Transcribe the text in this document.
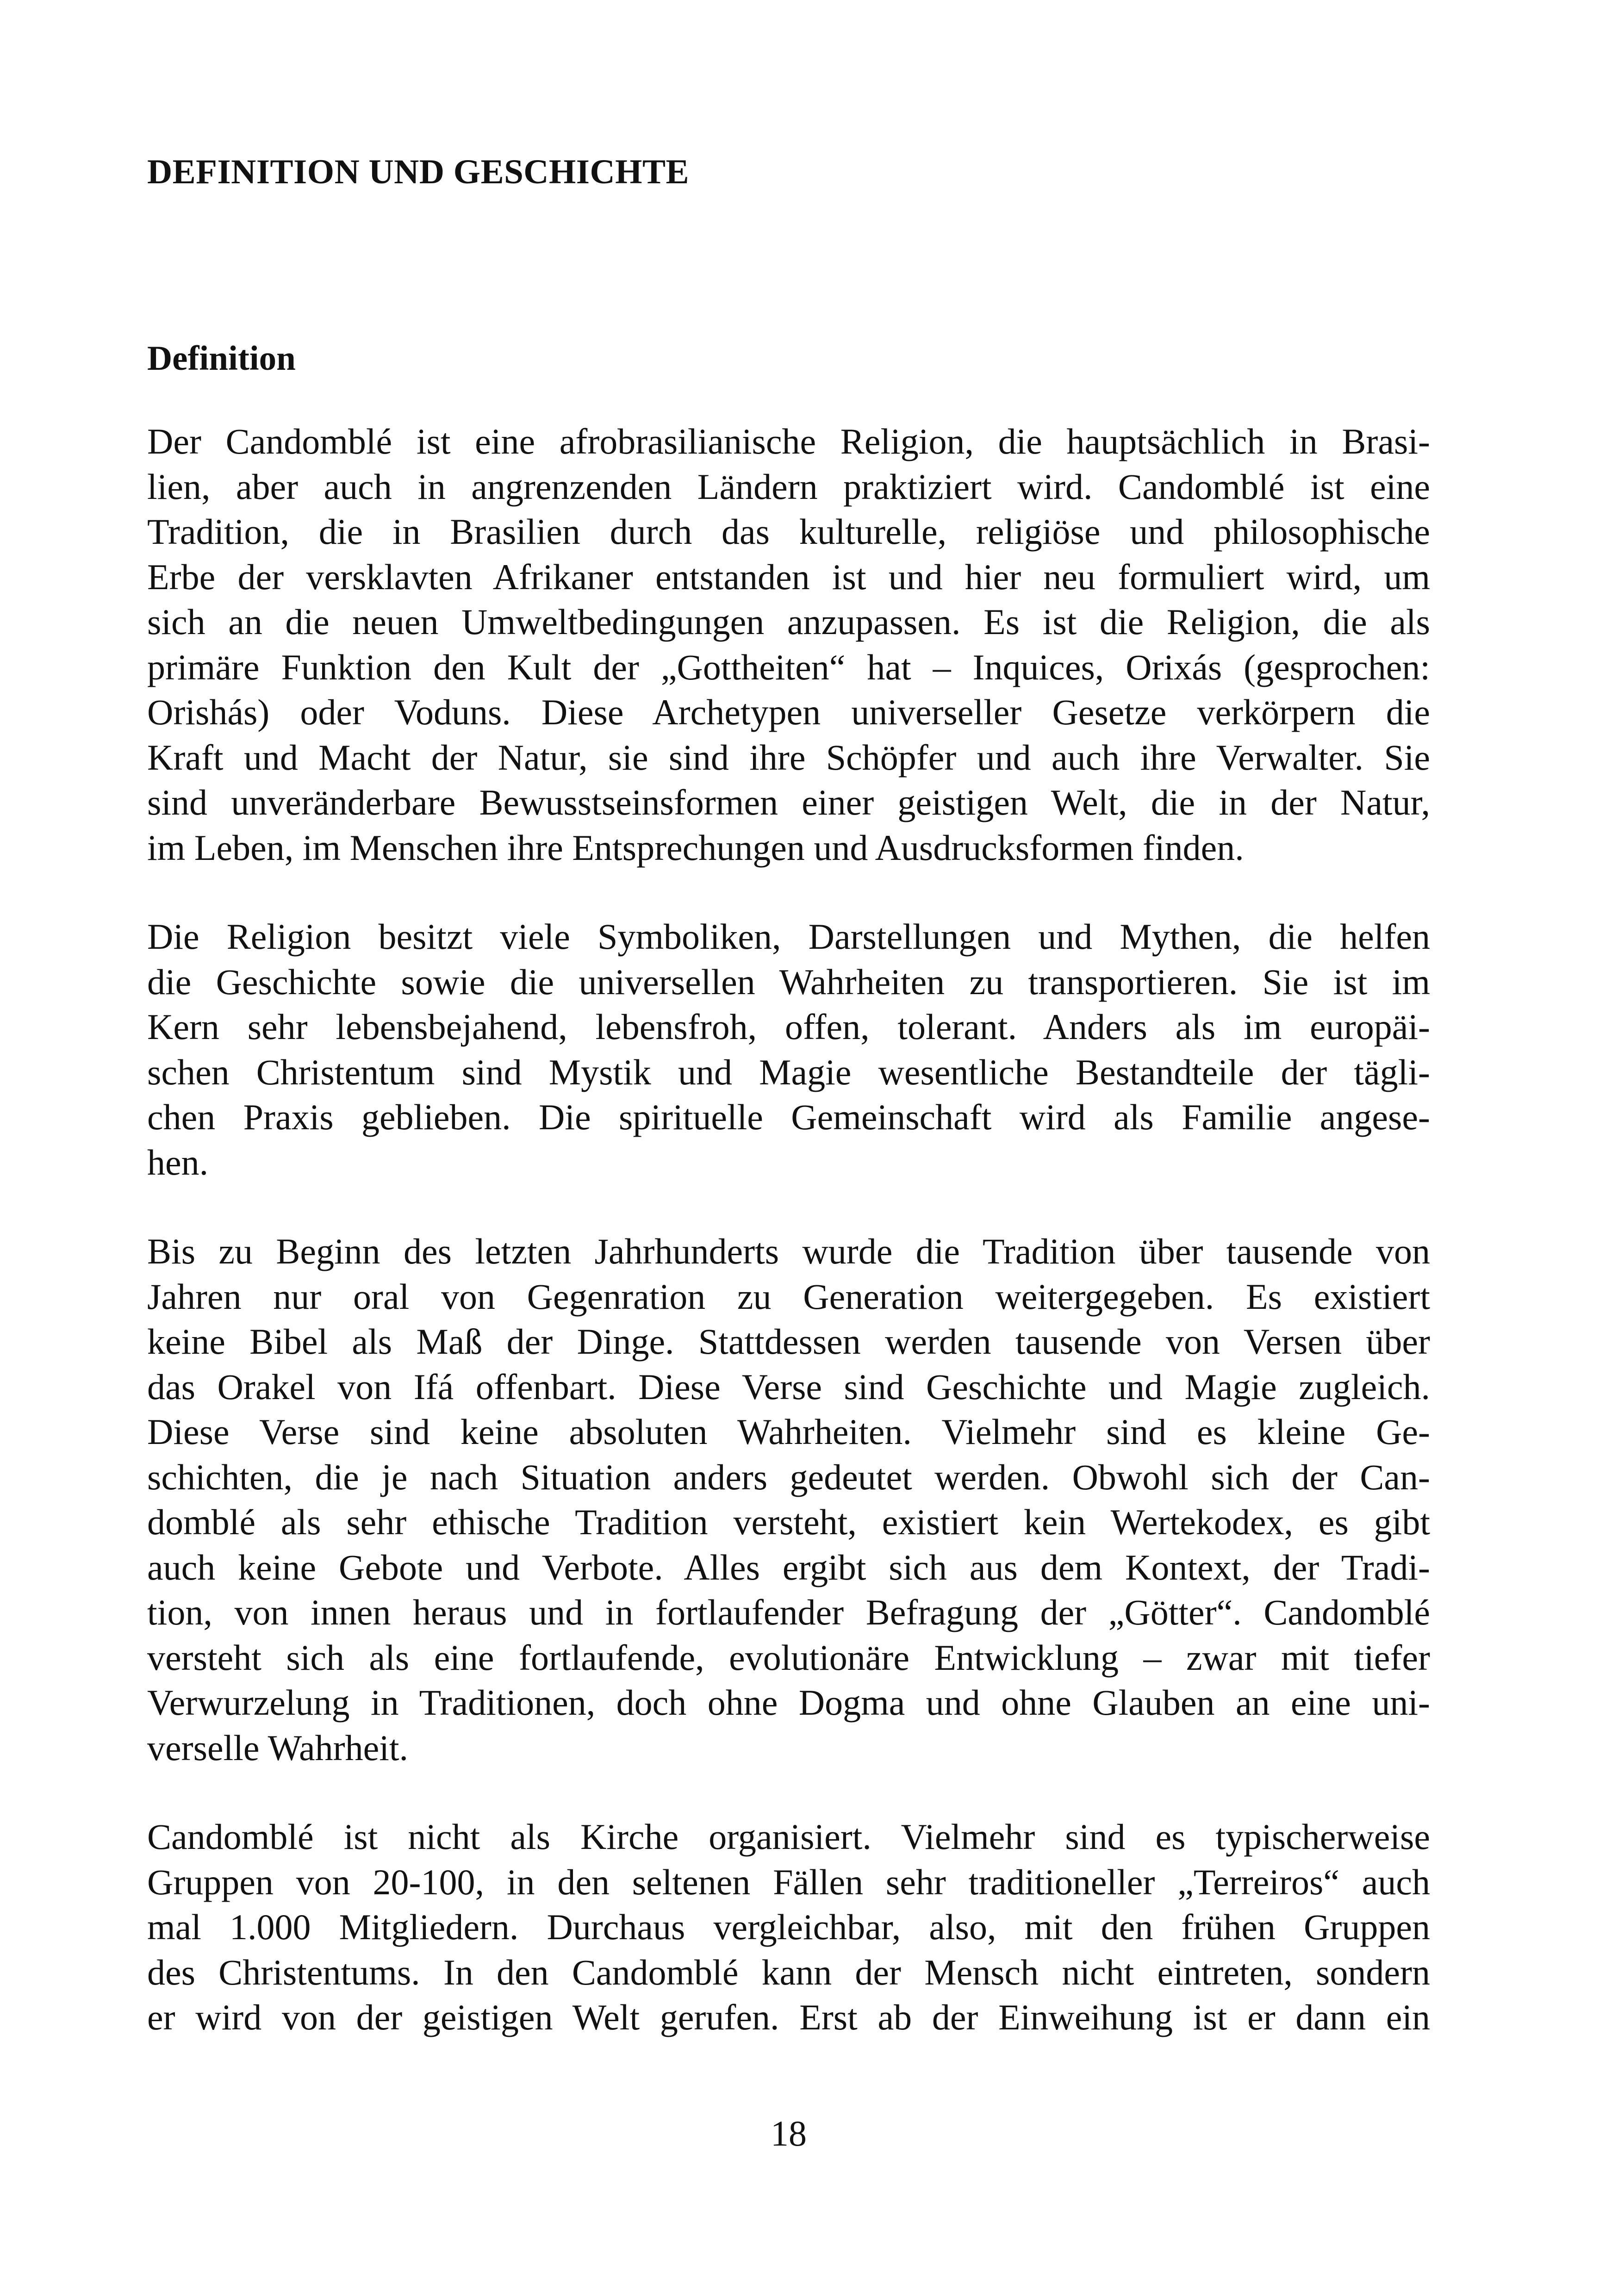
DEFINITION UND GESCHICHTE
Definition

Der Candomblé ist eine afrobrasilianische Religion, die hauptsächlich in Brasi-
lien, aber auch in angrenzenden Ländern praktiziert wird. Candomblé ist eine
Tradition, die in Brasilien durch das kulturelle, religiöse und philosophische
Erbe der versklavten Afrikaner entstanden ist und hier neu formuliert wird, um
sich an die neuen Umweltbedingungen anzupassen. Es ist die Religion, die als
primäre Funktion den Kult der „Gottheiten“ hat – Inquices, Orixás (gesprochen:
Orishás) oder Voduns. Diese Archetypen universeller Gesetze verkörpern die
Kraft und Macht der Natur, sie sind ihre Schöpfer und auch ihre Verwalter. Sie
sind unveränderbare Bewusstseinsformen einer geistigen Welt, die in der Natur,
im Leben, im Menschen ihre Entsprechungen und Ausdrucksformen finden.

Die Religion besitzt viele Symboliken, Darstellungen und Mythen, die helfen
die Geschichte sowie die universellen Wahrheiten zu transportieren. Sie ist im
Kern sehr lebensbejahend, lebensfroh, offen, tolerant. Anders als im europäi-
schen Christentum sind Mystik und Magie wesentliche Bestandteile der tägli-
chen Praxis geblieben. Die spirituelle Gemeinschaft wird als Familie angese-
hen.

Bis zu Beginn des letzten Jahrhunderts wurde die Tradition über tausende von
Jahren nur oral von Gegenration zu Generation weitergegeben. Es existiert
keine Bibel als Maß der Dinge. Stattdessen werden tausende von Versen über
das Orakel von Ifá offenbart. Diese Verse sind Geschichte und Magie zugleich.
Diese Verse sind keine absoluten Wahrheiten. Vielmehr sind es kleine Ge-
schichten, die je nach Situation anders gedeutet werden. Obwohl sich der Can-
domblé als sehr ethische Tradition versteht, existiert kein Wertekodex, es gibt
auch keine Gebote und Verbote. Alles ergibt sich aus dem Kontext, der Tradi-
tion, von innen heraus und in fortlaufender Befragung der „Götter“. Candomblé
versteht sich als eine fortlaufende, evolutionäre Entwicklung – zwar mit tiefer
Verwurzelung in Traditionen, doch ohne Dogma und ohne Glauben an eine uni-
verselle Wahrheit.

Candomblé ist nicht als Kirche organisiert. Vielmehr sind es typischerweise
Gruppen von 20-100, in den seltenen Fällen sehr traditioneller „Terreiros“ auch
mal 1.000 Mitgliedern. Durchaus vergleichbar, also, mit den frühen Gruppen
des Christentums. In den Candomblé kann der Mensch nicht eintreten, sondern
er wird von der geistigen Welt gerufen. Erst ab der Einweihung ist er dann ein

18
